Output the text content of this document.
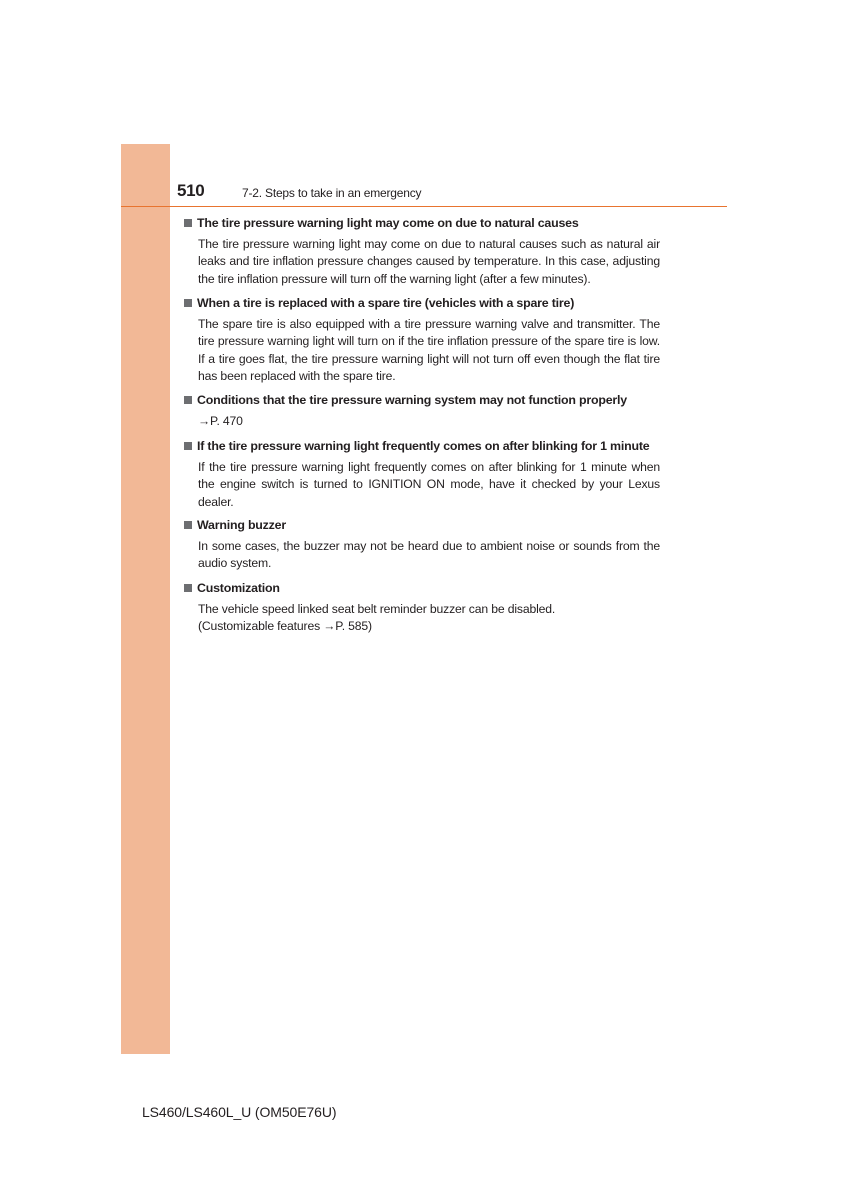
510	7-2. Steps to take in an emergency
The tire pressure warning light may come on due to natural causes
The tire pressure warning light may come on due to natural causes such as natural air leaks and tire inflation pressure changes caused by temperature. In this case, adjusting the tire inflation pressure will turn off the warning light (after a few minutes).
When a tire is replaced with a spare tire (vehicles with a spare tire)
The spare tire is also equipped with a tire pressure warning valve and transmitter. The tire pressure warning light will turn on if the tire inflation pressure of the spare tire is low. If a tire goes flat, the tire pressure warning light will not turn off even though the flat tire has been replaced with the spare tire.
Conditions that the tire pressure warning system may not function properly
→P. 470
If the tire pressure warning light frequently comes on after blinking for 1 minute
If the tire pressure warning light frequently comes on after blinking for 1 minute when the engine switch is turned to IGNITION ON mode, have it checked by your Lexus dealer.
Warning buzzer
In some cases, the buzzer may not be heard due to ambient noise or sounds from the audio system.
Customization
The vehicle speed linked seat belt reminder buzzer can be disabled.
(Customizable features →P. 585)
LS460/LS460L_U (OM50E76U)
